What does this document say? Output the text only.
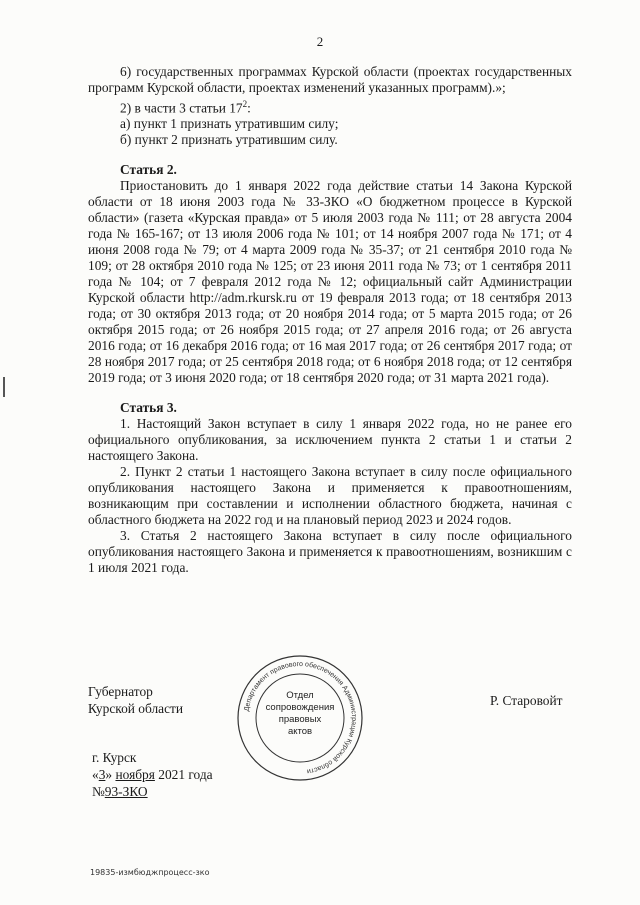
2

6) государственных программах Курской области (проектах государственных программ Курской области, проектах изменений указанных программ).»;

2) в части 3 статьи $17^2$:

а) пункт 1 признать утратившим силу;

б) пункт 2 признать утратившим силу.

Статья 2.

Приостановить до 1 января 2022 года действие статьи 14 Закона Курской области от 18 июня 2003 года № 33-ЗКО «О бюджетном процессе в Курской области» (газета «Курская правда» от 5 июля 2003 года № 111; от 28 августа 2004 года № 165-167; от 13 июля 2006 года № 101; от 14 ноября 2007 года № 171; от 4 июня 2008 года № 79; от 4 марта 2009 года № 35-37; от 21 сентября 2010 года № 109; от 28 октября 2010 года № 125; от 23 июня 2011 года № 73; от 1 сентября 2011 года № 104; от 7 февраля 2012 года № 12; официальный сайт Администрации Курской области http://adm.rkursk.ru от 19 февраля 2013 года; от 18 сентября 2013 года; от 30 октября 2013 года; от 20 ноября 2014 года; от 5 марта 2015 года; от 26 октября 2015 года; от 26 ноября 2015 года; от 27 апреля 2016 года; от 26 августа 2016 года; от 16 декабря 2016 года; от 16 мая 2017 года; от 26 сентября 2017 года; от 28 ноября 2017 года; от 25 сентября 2018 года; от 6 ноября 2018 года; от 12 сентября 2019 года; от 3 июня 2020 года; от 18 сентября 2020 года; от 31 марта 2021 года).

Статья 3.

1. Настоящий Закон вступает в силу 1 января 2022 года, но не ранее его официального опубликования, за исключением пункта 2 статьи 1 и статьи 2 настоящего Закона.

2. Пункт 2 статьи 1 настоящего Закона вступает в силу после официального опубликования настоящего Закона и применяется к правоотношениям, возникающим при составлении и исполнении областного бюджета, начиная с областного бюджета на 2022 год и на плановый период 2023 и 2024 годов.

3. Статья 2 настоящего Закона вступает в силу после официального опубликования настоящего Закона и применяется к правоотношениям, возникшим с 1 июля 2021 года.

Губернатор
Курской области
Р. Старовойт
Департамент правового обеспечения Администрации Курской области
Отдел
сопровождения
правовых
актов
г. Курск
«3» ноября 2021 года
№93-ЗКО
19835-измбюджпроцесс-зко
